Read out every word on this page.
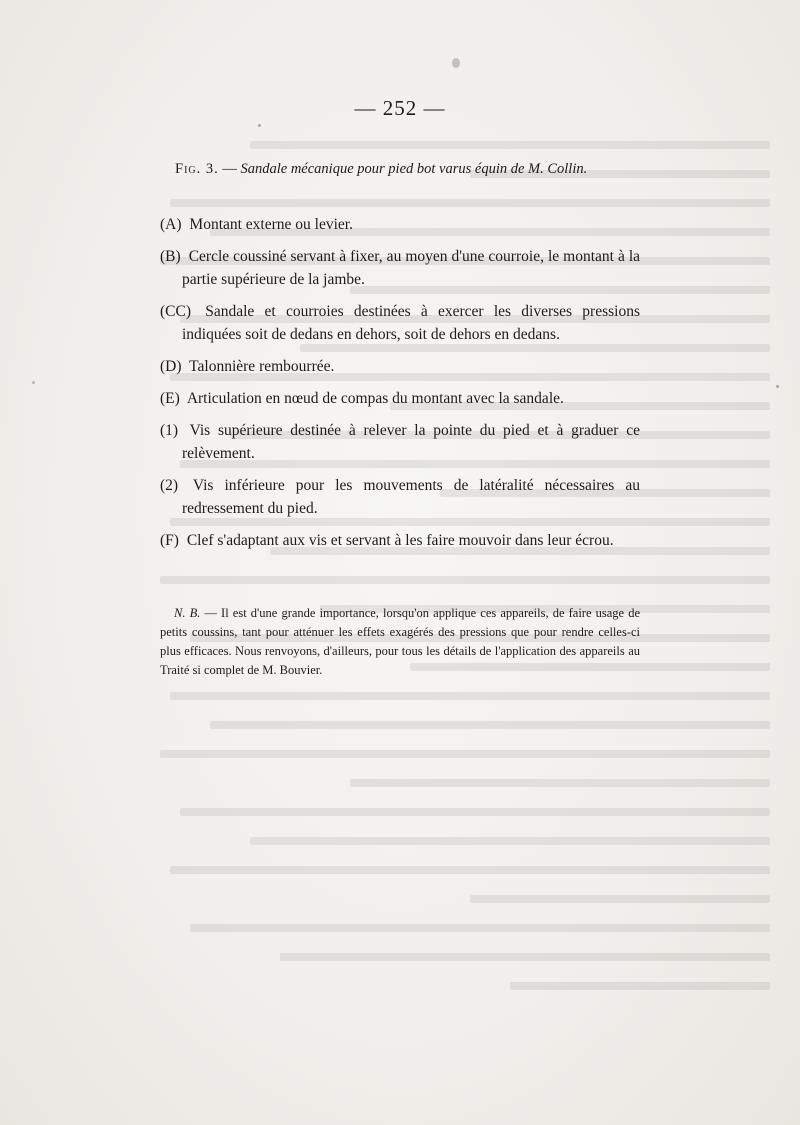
— 252 —
Fig. 3. — Sandale mécanique pour pied bot varus équin de M. Collin.
(A) Montant externe ou levier.
(B) Cercle coussiné servant à fixer, au moyen d'une courroie, le montant à la partie supérieure de la jambe.
(CC) Sandale et courroies destinées à exercer les diverses pressions indiquées soit de dedans en dehors, soit de dehors en dedans.
(D) Talonnière rembourrée.
(E) Articulation en nœud de compas du montant avec la sandale.
(1) Vis supérieure destinée à relever la pointe du pied et à graduer ce relèvement.
(2) Vis inférieure pour les mouvements de latéralité nécessaires au redressement du pied.
(F) Clef s'adaptant aux vis et servant à les faire mouvoir dans leur écrou.
N. B. — Il est d'une grande importance, lorsqu'on applique ces appareils, de faire usage de petits coussins, tant pour atténuer les effets exagérés des pressions que pour rendre celles-ci plus efficaces. Nous renvoyons, d'ailleurs, pour tous les détails de l'application des appareils au Traité si complet de M. Bouvier.
